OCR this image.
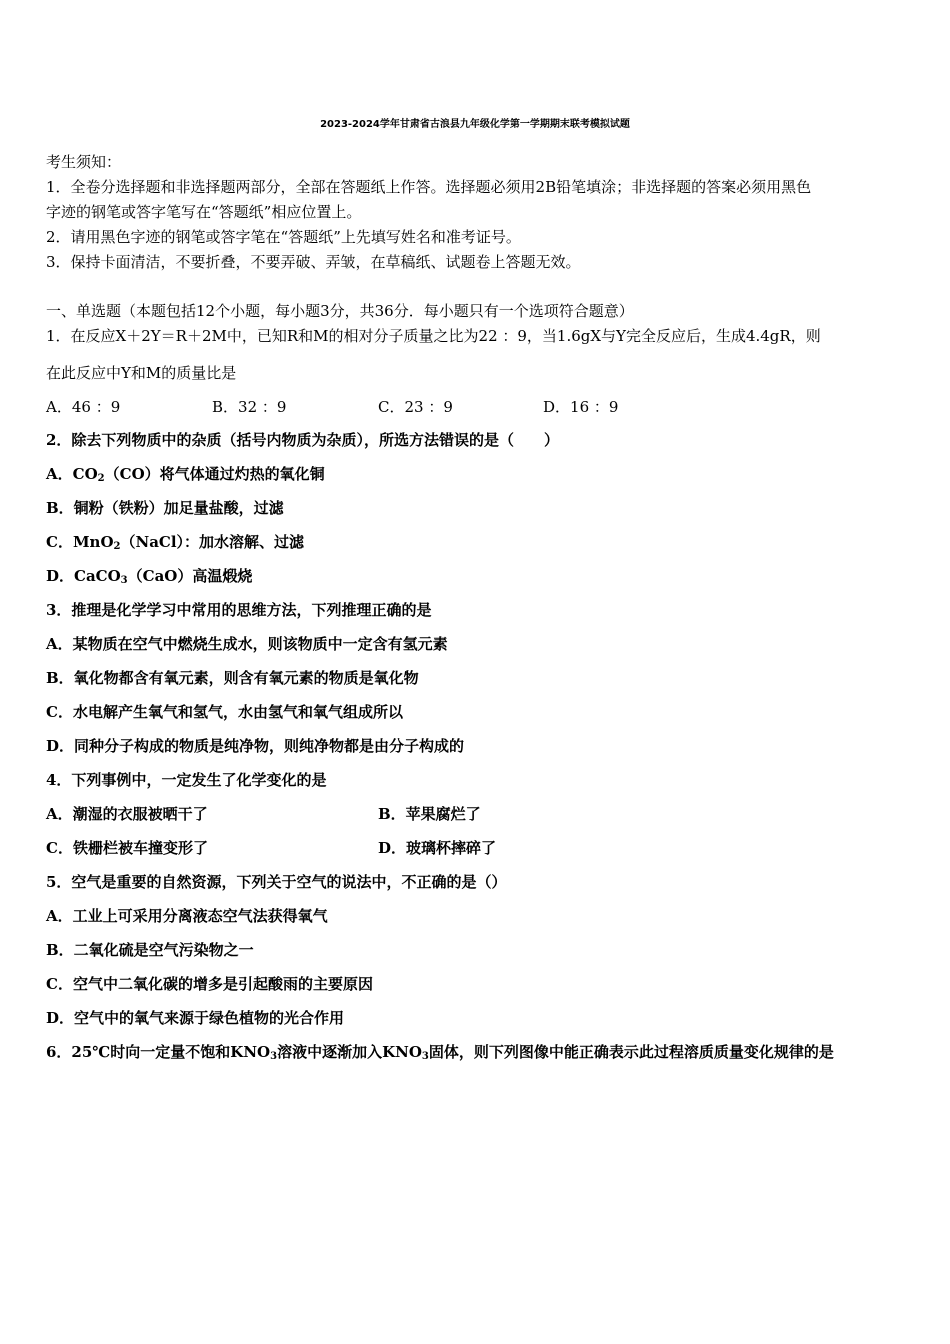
2023-2024学年甘肃省古浪县九年级化学第一学期期末联考模拟试题
考生须知：
1．全卷分选择题和非选择题两部分，全部在答题纸上作答。选择题必须用2B铅笔填涂；非选择题的答案必须用黑色
字迹的钢笔或答字笔写在“答题纸”相应位置上。
2．请用黑色字迹的钢笔或答字笔在“答题纸”上先填写姓名和准考证号。
3．保持卡面清洁，不要折叠，不要弄破、弄皱，在草稿纸、试题卷上答题无效。
一、单选题（本题包括12个小题，每小题3分，共36分．每小题只有一个选项符合题意）
1．在反应X＋2Y＝R＋2M中，已知R和M的相对分子质量之比为22 ：9，当1.6gX与Y完全反应后，生成4.4gR，则
在此反应中Y和M的质量比是
A．46 ：9	B．32 ：9	C．23 ：9	D．16 ：9
2．除去下列物质中的杂质（括号内物质为杂质），所选方法错误的是（　　）
A．$CO_2(CO)$将气体通过灼热的氧化铜
B．铜粉（铁粉）加足量盐酸，过滤
C．MnO$_2$（NaCl）：加水溶解、过滤
D．CaCO$_3$（CaO）高温煅烧
3．推理是化学学习中常用的思维方法，下列推理正确的是
A．某物质在空气中燃烧生成水，则该物质中一定含有氢元素
B．氧化物都含有氧元素，则含有氧元素的物质是氧化物
C．水电解产生氧气和氢气，水由氢气和氧气组成所以
D．同种分子构成的物质是纯净物，则纯净物都是由分子构成的
4．下列事例中，一定发生了化学变化的是
A．潮湿的衣服被晒干了	B．苹果腐烂了
C．铁栅栏被车撞变形了	D．玻璃杯摔碎了
5．空气是重要的自然资源，下列关于空气的说法中，不正确的是（）
A．工业上可采用分离液态空气法获得氧气
B．二氧化硫是空气污染物之一
C．空气中二氧化碳的增多是引起酸雨的主要原因
D．空气中的氧气来源于绿色植物的光合作用
6．25℃时向一定量不饱和$KNO_3$溶液中逐渐加入$KNO_3$固体，则下列图像中能正确表示此过程溶质质量变化规律的是
